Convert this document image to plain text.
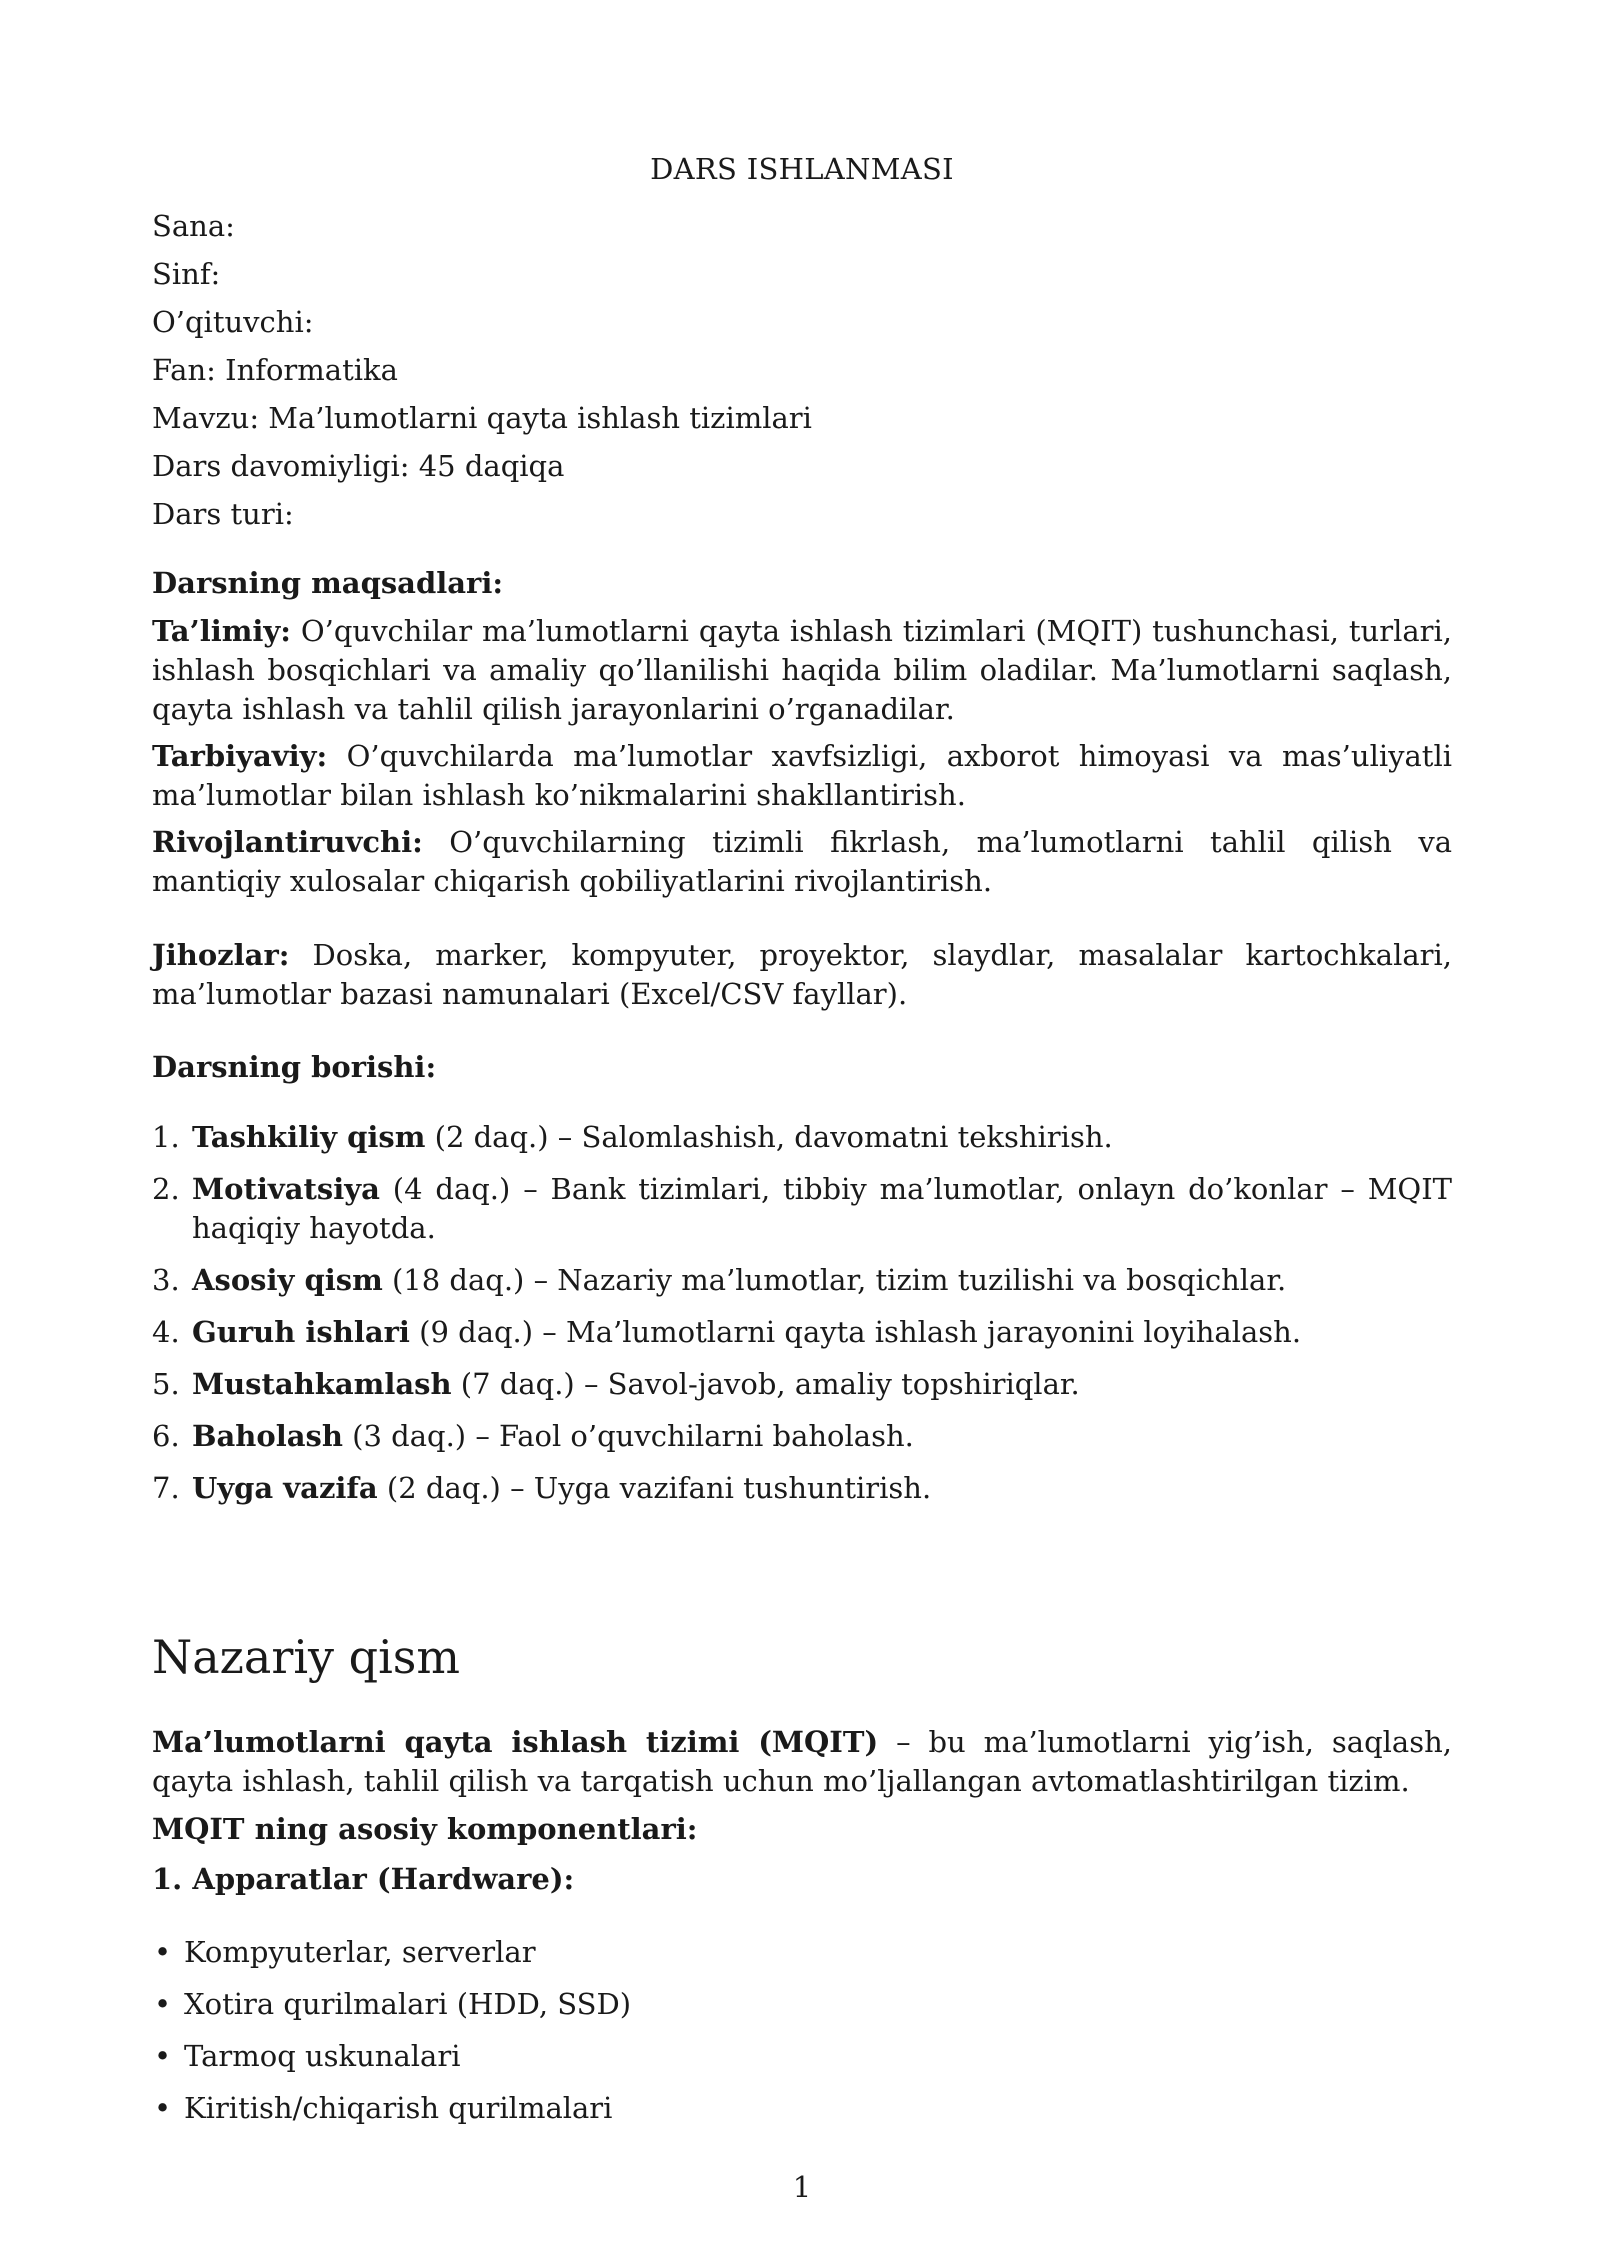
DARS ISHLANMASI
Sana:
Sinf:
O’qituvchi:
Fan: Informatika
Mavzu: Ma’lumotlarni qayta ishlash tizimlari
Dars davomiyligi: 45 daqiqa
Dars turi:
Darsning maqsadlari:
Ta’limiy: O’quvchilar ma’lumotlarni qayta ishlash tizimlari (MQIT) tushunchasi, turlari, ishlash bosqichlari va amaliy qo’llanilishi haqida bilim oladilar. Ma’lumotlarni saqlash, qayta ishlash va tahlil qilish jarayonlarini o’rganadilar.
Tarbiyaviy: O’quvchilarda ma’lumotlar xavfsizligi, axborot himoyasi va mas’uliyatli ma’lumotlar bilan ishlash ko’nikmalarini shakllantirish.
Rivojlantiruvchi: O’quvchilarning tizimli fikrlash, ma’lumotlarni tahlil qilish va mantiqiy xulosalar chiqarish qobiliyatlarini rivojlantirish.
Jihozlar: Doska, marker, kompyuter, proyektor, slaydlar, masalalar kartochkalari, ma’lumotlar bazasi namunalari (Excel/CSV fayllar).
Darsning borishi:
1. Tashkiliy qism (2 daq.) – Salomlashish, davomatni tekshirish.
2. Motivatsiya (4 daq.) – Bank tizimlari, tibbiy ma’lumotlar, onlayn do’konlar – MQIT haqiqiy hayotda.
3. Asosiy qism (18 daq.) – Nazariy ma’lumotlar, tizim tuzilishi va bosqichlar.
4. Guruh ishlari (9 daq.) – Ma’lumotlarni qayta ishlash jarayonini loyihalash.
5. Mustahkamlash (7 daq.) – Savol-javob, amaliy topshiriqlar.
6. Baholash (3 daq.) – Faol o’quvchilarni baholash.
7. Uyga vazifa (2 daq.) – Uyga vazifani tushuntirish.
Nazariy qism
Ma’lumotlarni qayta ishlash tizimi (MQIT) – bu ma’lumotlarni yig’ish, saqlash, qayta ishlash, tahlil qilish va tarqatish uchun mo’ljallangan avtomatlashtirilgan tizim.
MQIT ning asosiy komponentlari:
1. Apparatlar (Hardware):
• Kompyuterlar, serverlar
• Xotira qurilmalari (HDD, SSD)
• Tarmoq uskunalari
• Kiritish/chiqarish qurilmalari
1
